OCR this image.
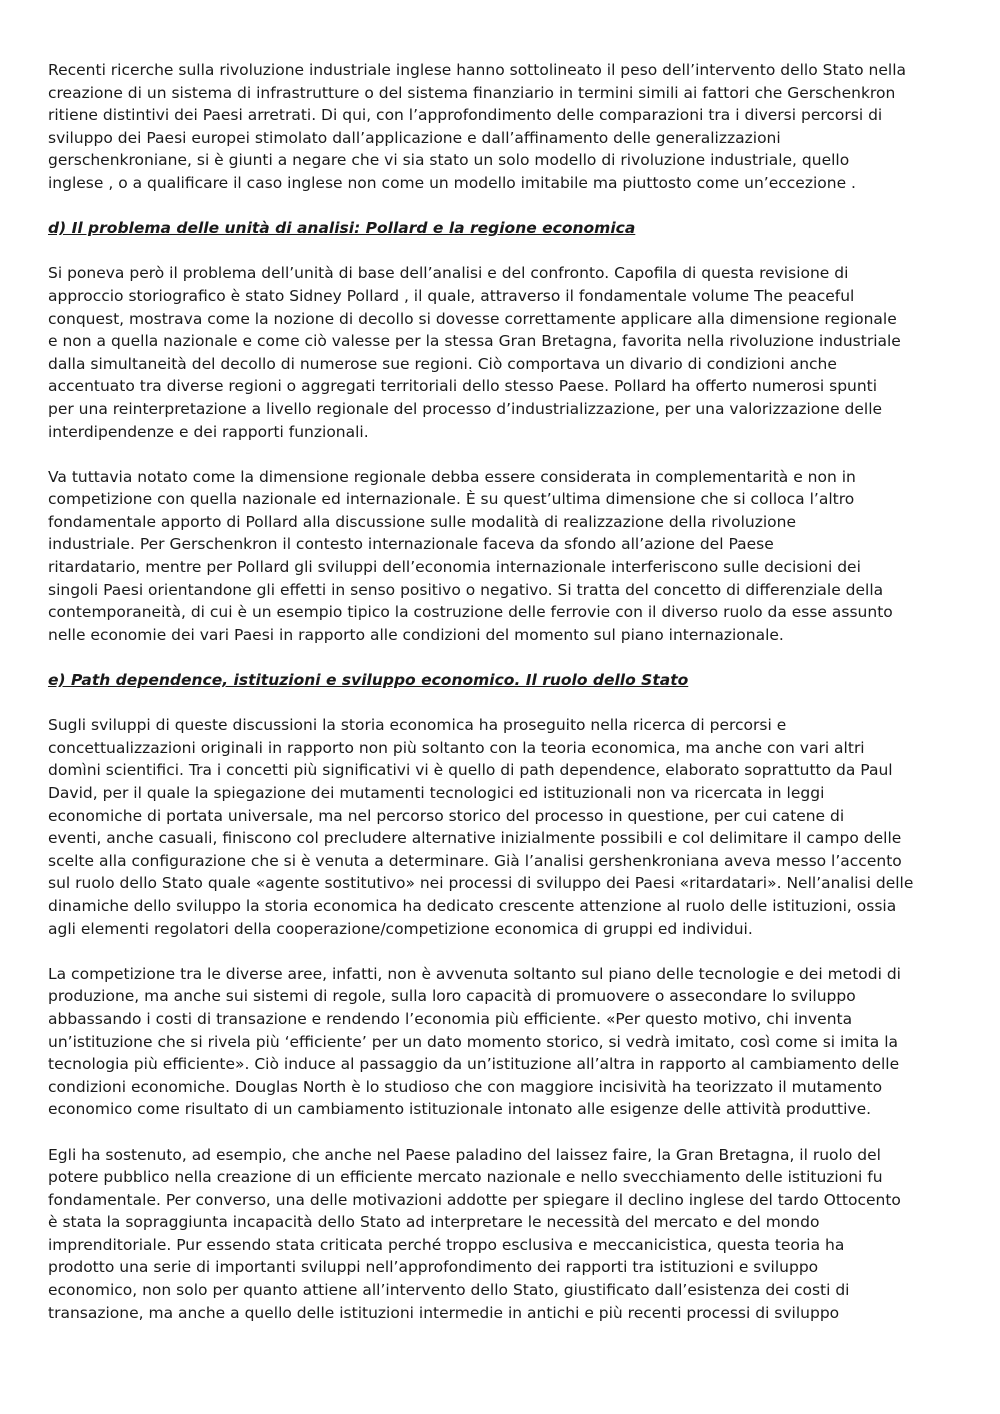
Recenti ricerche sulla rivoluzione industriale inglese hanno sottolineato il peso dell’intervento dello Stato nella
creazione di un sistema di infrastrutture o del sistema finanziario in termini simili ai fattori che Gerschenkron
ritiene distintivi dei Paesi arretrati. Di qui, con l’approfondimento delle comparazioni tra i diversi percorsi di
sviluppo dei Paesi europei stimolato dall’applicazione e dall’affinamento delle generalizzazioni
gerschenkroniane, si è giunti a negare che vi sia stato un solo modello di rivoluzione industriale, quello
inglese , o a qualificare il caso inglese non come un modello imitabile ma piuttosto come un’eccezione .

d) Il problema delle unità di analisi: Pollard e la regione economica

Si poneva però il problema dell’unità di base dell’analisi e del confronto. Capofila di questa revisione di
approccio storiografico è stato Sidney Pollard , il quale, attraverso il fondamentale volume The peaceful
conquest, mostrava come la nozione di decollo si dovesse correttamente applicare alla dimensione regionale
e non a quella nazionale e come ciò valesse per la stessa Gran Bretagna, favorita nella rivoluzione industriale
dalla simultaneità del decollo di numerose sue regioni. Ciò comportava un divario di condizioni anche
accentuato tra diverse regioni o aggregati territoriali dello stesso Paese. Pollard ha offerto numerosi spunti
per una reinterpretazione a livello regionale del processo d’industrializzazione, per una valorizzazione delle
interdipendenze e dei rapporti funzionali.

Va tuttavia notato come la dimensione regionale debba essere considerata in complementarità e non in
competizione con quella nazionale ed internazionale. È su quest’ultima dimensione che si colloca l’altro
fondamentale apporto di Pollard alla discussione sulle modalità di realizzazione della rivoluzione
industriale. Per Gerschenkron il contesto internazionale faceva da sfondo all’azione del Paese
ritardatario, mentre per Pollard gli sviluppi dell’economia internazionale interferiscono sulle decisioni dei
singoli Paesi orientandone gli effetti in senso positivo o negativo. Si tratta del concetto di differenziale della
contemporaneità, di cui è un esempio tipico la costruzione delle ferrovie con il diverso ruolo da esse assunto
nelle economie dei vari Paesi in rapporto alle condizioni del momento sul piano internazionale.

e) Path dependence, istituzioni e sviluppo economico. Il ruolo dello Stato

Sugli sviluppi di queste discussioni la storia economica ha proseguito nella ricerca di percorsi e
concettualizzazioni originali in rapporto non più soltanto con la teoria economica, ma anche con vari altri
domìni scientifici. Tra i concetti più significativi vi è quello di path dependence, elaborato soprattutto da Paul
David, per il quale la spiegazione dei mutamenti tecnologici ed istituzionali non va ricercata in leggi
economiche di portata universale, ma nel percorso storico del processo in questione, per cui catene di
eventi, anche casuali, finiscono col precludere alternative inizialmente possibili e col delimitare il campo delle
scelte alla configurazione che si è venuta a determinare. Già l’analisi gershenkroniana aveva messo l’accento
sul ruolo dello Stato quale «agente sostitutivo» nei processi di sviluppo dei Paesi «ritardatari». Nell’analisi delle
dinamiche dello sviluppo la storia economica ha dedicato crescente attenzione al ruolo delle istituzioni, ossia
agli elementi regolatori della cooperazione/competizione economica di gruppi ed individui.

La competizione tra le diverse aree, infatti, non è avvenuta soltanto sul piano delle tecnologie e dei metodi di
produzione, ma anche sui sistemi di regole, sulla loro capacità di promuovere o assecondare lo sviluppo
abbassando i costi di transazione e rendendo l’economia più efficiente. «Per questo motivo, chi inventa
un’istituzione che si rivela più ‘efficiente’ per un dato momento storico, si vedrà imitato, così come si imita la
tecnologia più efficiente». Ciò induce al passaggio da un’istituzione all’altra in rapporto al cambiamento delle
condizioni economiche. Douglas North è lo studioso che con maggiore incisività ha teorizzato il mutamento
economico come risultato di un cambiamento istituzionale intonato alle esigenze delle attività produttive.

Egli ha sostenuto, ad esempio, che anche nel Paese paladino del laissez faire, la Gran Bretagna, il ruolo del
potere pubblico nella creazione di un efficiente mercato nazionale e nello svecchiamento delle istituzioni fu
fondamentale. Per converso, una delle motivazioni addotte per spiegare il declino inglese del tardo Ottocento
è stata la sopraggiunta incapacità dello Stato ad interpretare le necessità del mercato e del mondo
imprenditoriale. Pur essendo stata criticata perché troppo esclusiva e meccanicistica, questa teoria ha
prodotto una serie di importanti sviluppi nell’approfondimento dei rapporti tra istituzioni e sviluppo
economico, non solo per quanto attiene all’intervento dello Stato, giustificato dall’esistenza dei costi di
transazione, ma anche a quello delle istituzioni intermedie in antichi e più recenti processi di sviluppo
